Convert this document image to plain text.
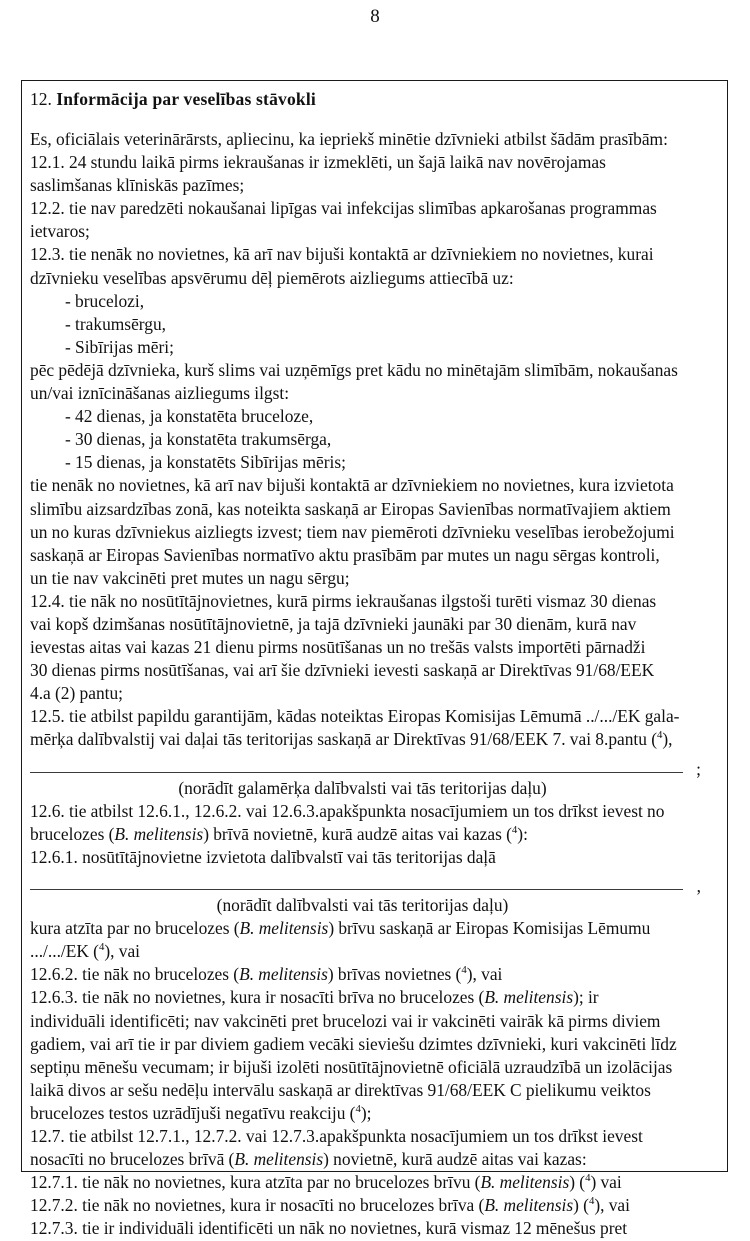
8
12. Informācija par veselības stāvokli
Es, oficiālais veterinārārsts, apliecinu, ka iepriekš minētie dzīvnieki atbilst šādām prasībām:
12.1. 24 stundu laikā pirms iekraušanas ir izmeklēti, un šajā laikā nav novērojamas
saslimšanas klīniskās pazīmes;
12.2. tie nav paredzēti nokaušanai lipīgas vai infekcijas slimības apkarošanas programmas
ietvaros;
12.3. tie nenāk no novietnes, kā arī nav bijuši kontaktā ar dzīvniekiem no novietnes, kurai
dzīvnieku veselības apsvērumu dēļ piemērots aizliegums attiecībā uz:
- brucelozi,
- trakumsērgu,
- Sibīrijas mēri;
pēc pēdējā dzīvnieka, kurš slims vai uzņēmīgs pret kādu no minētajām slimībām, nokaušanas
un/vai iznīcināšanas aizliegums ilgst:
- 42 dienas, ja konstatēta bruceloze,
- 30 dienas, ja konstatēta trakumsērga,
- 15 dienas, ja konstatēts Sibīrijas mēris;
tie nenāk no novietnes, kā arī nav bijuši kontaktā ar dzīvniekiem no novietnes, kura izvietota
slimību aizsardzības zonā, kas noteikta saskaņā ar Eiropas Savienības normatīvajiem aktiem
un no kuras dzīvniekus aizliegts izvest; tiem nav piemēroti dzīvnieku veselības ierobežojumi
saskaņā ar Eiropas Savienības normatīvo aktu prasībām par mutes un nagu sērgas kontroli,
un tie nav vakcinēti pret mutes un nagu sērgu;
12.4. tie nāk no nosūtītājnovietnes, kurā pirms iekraušanas ilgstoši turēti vismaz 30 dienas
vai kopš dzimšanas nosūtītājnovietnē, ja tajā dzīvnieki jaunāki par 30 dienām, kurā nav
ievestas aitas vai kazas 21 dienu pirms nosūtīšanas un no trešās valsts importēti pārnadži
30 dienas pirms nosūtīšanas, vai arī šie dzīvnieki ievesti saskaņā ar Direktīvas 91/68/EEK
4.a (2) pantu;
12.5. tie atbilst papildu garantijām, kādas noteiktas Eiropas Komisijas Lēmumā ../.../EK gala-
mērķa dalībvalstij vai daļai tās teritorijas saskaņā ar Direktīvas 91/68/EEK 7. vai 8.pantu ($^4$),
;
(norādīt galamērķa dalībvalsti vai tās teritorijas daļu)
12.6. tie atbilst 12.6.1., 12.6.2. vai 12.6.3.apakšpunkta nosacījumiem un tos drīkst ievest no
brucelozes (B. melitensis) brīvā novietnē, kurā audzē aitas vai kazas ($^4$):
12.6.1. nosūtītājnovietne izvietota dalībvalstī vai tās teritorijas daļā
,
(norādīt dalībvalsti vai tās teritorijas daļu)
kura atzīta par no brucelozes (B. melitensis) brīvu saskaņā ar Eiropas Komisijas Lēmumu
.../.../EK ($^4$), vai
12.6.2. tie nāk no brucelozes (B. melitensis) brīvas novietnes ($^4$), vai
12.6.3. tie nāk no novietnes, kura ir nosacīti brīva no brucelozes (B. melitensis); ir
individuāli identificēti; nav vakcinēti pret brucelozi vai ir vakcinēti vairāk kā pirms diviem
gadiem, vai arī tie ir par diviem gadiem vecāki sieviešu dzimtes dzīvnieki, kuri vakcinēti līdz
septiņu mēnešu vecumam; ir bijuši izolēti nosūtītājnovietnē oficiālā uzraudzībā un izolācijas
laikā divos ar sešu nedēļu intervālu saskaņā ar direktīvas 91/68/EEK C pielikumu veiktos
brucelozes testos uzrādījuši negatīvu reakciju ($^4$);
12.7. tie atbilst 12.7.1., 12.7.2. vai 12.7.3.apakšpunkta nosacījumiem un tos drīkst ievest
nosacīti no brucelozes brīvā (B. melitensis) novietnē, kurā audzē aitas vai kazas:
12.7.1. tie nāk no novietnes, kura atzīta par no brucelozes brīvu (B. melitensis) ($^4$) vai
12.7.2. tie nāk no novietnes, kura ir nosacīti no brucelozes brīva (B. melitensis) ($^4$), vai
12.7.3. tie ir individuāli identificēti un nāk no novietnes, kurā vismaz 12 mēnešus pret
